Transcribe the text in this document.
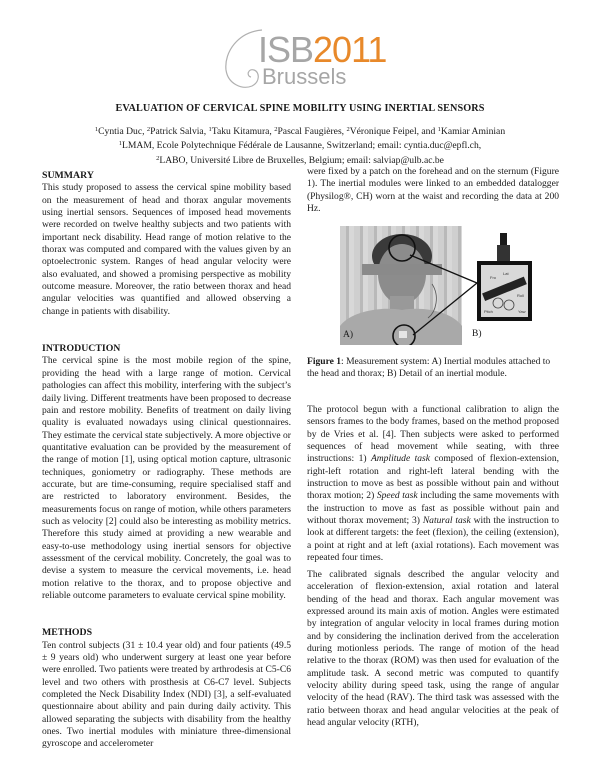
ISB2011
Brussels
EVALUATION OF CERVICAL SPINE MOBILITY USING INERTIAL SENSORS
$^1$Cyntia Duc, $^2$Patrick Salvia, $^1$Taku Kitamura, $^2$Pascal Faugières, $^2$Véronique Feipel, and $^1$Kamiar Aminian
$^1$LMAM, Ecole Polytechnique Fédérale de Lausanne, Switzerland; email: cyntia.duc@epfl.ch,
$^2$LABO, Université Libre de Bruxelles, Belgium; email: salviap@ulb.ac.be

SUMMARY

This study proposed to assess the cervical spine mobility based on the measurement of head and thorax angular movements using inertial sensors. Sequences of imposed head movements were recorded on twelve healthy subjects and two patients with important neck disability. Head range of motion relative to the thorax was computed and compared with the values given by an optoelectronic system. Ranges of head angular velocity were also evaluated, and showed a promising perspective as mobility outcome measure. Moreover, the ratio between thorax and head angular velocities was quantified and allowed observing a change in patients with disability.

INTRODUCTION

The cervical spine is the most mobile region of the spine, providing the head with a large range of motion. Cervical pathologies can affect this mobility, interfering with the subject’s daily living. Different treatments have been proposed to decrease pain and restore mobility. Benefits of treatment on daily living quality is evaluated nowadays using clinical questionnaires. They estimate the cervical state subjectively. A more objective or quantitative evaluation can be provided by the measurement of the range of motion [1], using optical motion capture, ultrasonic techniques, goniometry or radiography. These methods are accurate, but are time-consuming, require specialised staff and are restricted to laboratory environment. Besides, the measurements focus on range of motion, while others parameters such as velocity [2] could also be interesting as mobility metrics. Therefore this study aimed at providing a new wearable and easy-to-use methodology using inertial sensors for objective assessment of the cervical mobility. Concretely, the goal was to devise a system to measure the cervical movements, i.e. head motion relative to the thorax, and to propose objective and reliable outcome parameters to evaluate cervical spine mobility.

METHODS

Ten control subjects (31 ± 10.4 year old) and four patients (49.5 ± 9 years old) who underwent surgery at least one year before were enrolled. Two patients were treated by arthrodesis at C5-C6 level and two others with prosthesis at C6-C7 level. Subjects completed the Neck Disability Index (NDI) [3], a self-evaluated questionnaire about ability and pain during daily activity. This allowed separating the subjects with disability from the healthy ones. Two inertial modules with miniature three-dimensional gyroscope and accelerometer

were fixed by a patch on the forehead and on the sternum (Figure 1). The inertial modules were linked to an embedded datalogger (Physilog®, CH) worn at the waist and recording the data at 200 Hz.

A)
Lat
Fro
Roll
Pitch	Yaw
B)
Figure 1: Measurement system: A) Inertial modules attached to the head and thorax; B) Detail of an inertial module.

The protocol begun with a functional calibration to align the sensors frames to the body frames, based on the method proposed by de Vries et al. [4]. Then subjects were asked to performed sequences of head movement while seating, with three instructions: 1) Amplitude task composed of flexion-extension, right-left rotation and right-left lateral bending with the instruction to move as best as possible without pain and without thorax motion; 2) Speed task including the same movements with the instruction to move as fast as possible without pain and without thorax movement; 3) Natural task with the instruction to look at different targets: the feet (flexion), the ceiling (extension), a point at right and at left (axial rotations). Each movement was repeated four times.

The calibrated signals described the angular velocity and acceleration of flexion-extension, axial rotation and lateral bending of the head and thorax. Each angular movement was expressed around its main axis of motion. Angles were estimated by integration of angular velocity in local frames during motion and by considering the inclination derived from the acceleration during motionless periods. The range of motion of the head relative to the thorax (ROM) was then used for evaluation of the amplitude task. A second metric was computed to quantify velocity ability during speed task, using the range of angular velocity of the head (RAV). The third task was assessed with the ratio between thorax and head angular velocities at the peak of head angular velocity (RTH),
